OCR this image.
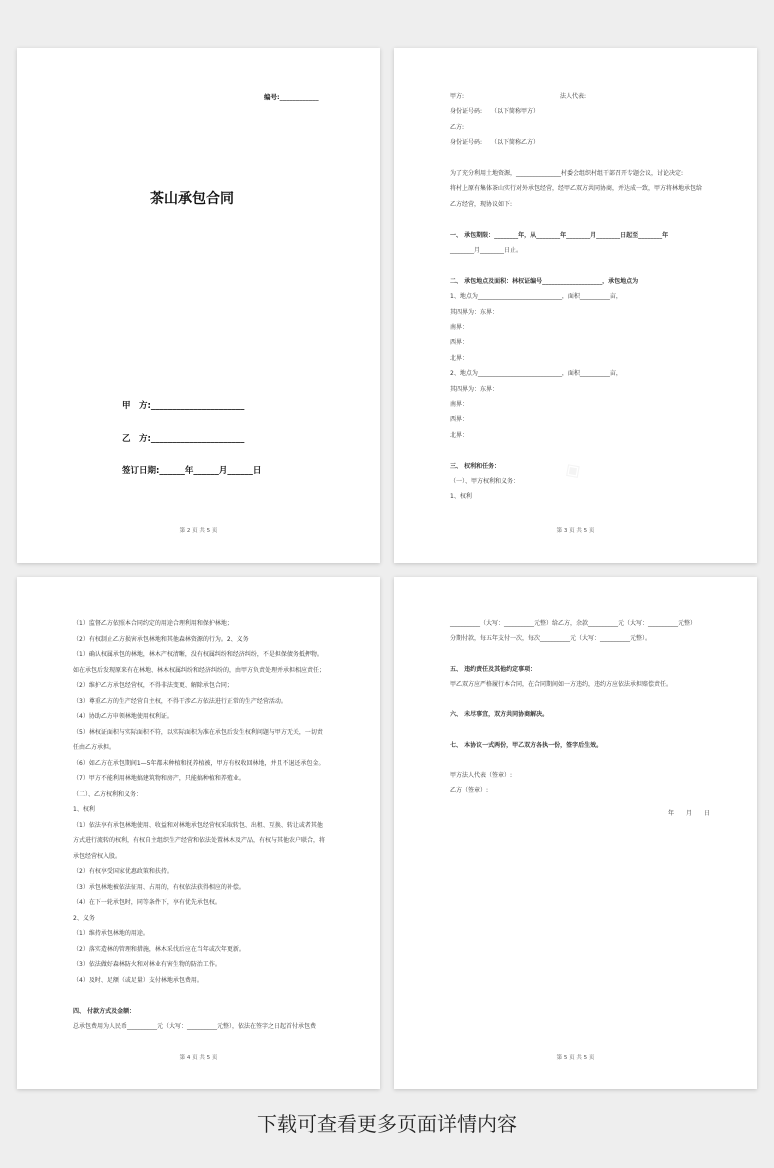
编号:____________
茶山承包合同
甲　方:______________________
乙　方:______________________
签订日期:______年______月______日
第 2 页 共 5 页
甲方:　　　　　　　　　　　　　　　　法人代表:
身份证号码:　　（以下简称甲方）
乙方:
身份证号码:　　（以下简称乙方）
为了充分利用土地资源，_______________村委会组织村组干部召开专题会议，讨论决定:
将村上原有集体茶山实行对外承包经营，经甲乙双方共同协商，并达成一致，甲方将林地承包给
乙方经营，现协议如下:
一、 承包期限：________年，从________年________月________日起至________年
________月________日止。
二、 承包地点及面积：林权证编号____________________，承包地点为
1、地点为____________________________，面积__________亩，
其四界为：东界：
南界：
西界：
北界：
2、地点为____________________________，面积__________亩，
其四界为：东界：
南界：
西界：
北界：
三、 权利和任务：
（一）、甲方权利和义务：
1、权利
第 3 页 共 5 页
（1）监督乙方依照本合同约定的用途合理利用和保护林地；
（2）有权制止乙方损害承包林地和其他森林资源的行为。2、义务
（1）确认权属承包的林地，林木产权清晰，没有权属纠纷和经济纠纷，不是担保债务抵押物。
如在承包后发现原来有在林地、林木权属纠纷和经济纠纷的，由甲方负责处理并承担相应责任；
（2）维护乙方承包经营权，不得非法变更、解除承包合同；
（3）尊重乙方的生产经营自主权，不得干涉乙方依法进行正常的生产经营活动。
（4）协助乙方申领林地使用权利证。
（5）林权证面积与实际面积不符，以实际面积为准在承包后发生权利问题与甲方无关，一切责
任由乙方承担。
（6）如乙方在承包期间1—5年都未种植和抚养植被，甲方有权收回林地，并且不退还承包金。
（7）甲方不能利用林地搞建筑物和房产，只能搞种植和养殖业。
（二）、乙方权利和义务：
1、权利
（1）依法享有承包林地使用、收益和对林地承包经营权采取转包、出租、互换、转让或者其他
方式进行流转的权利，有权自主组织生产经营和依法处置林木及产品，有权与其他农户联合，将
承包经营权入股。
（2）有权享受国家优惠政策和扶持。
（3）承包林地被依法征用、占用的，有权依法获得相应的补偿。
（4）在下一轮承包时，同等条件下，享有优先承包权。
2、义务
（1）维持承包林地的用途。
（2）落实造林的管理和措施，林木采伐后应在当年或次年更新。
（3）依法做好森林防火和对林业有害生物的防治工作。
（4）及时、足额（或足量）支付林地承包费用。
四、 付款方式及金额：
总承包费用为人民币__________元（大写：__________元整），依法在签字之日起首付承包费
第 4 页 共 5 页
__________（大写：__________元整）给乙方，余款__________元（大写：__________元整）
分期付款，每五年支付一次，每次__________元（大写：__________元整）。
五、 违约责任及其他约定事项：
甲乙双方应严格履行本合同，在合同期间如一方违约，违约方应依法承担赔偿责任。
六、 未尽事宜，双方共同协商解决。
七、 本协议一式两份，甲乙双方各执一份，签字后生效。
甲方法人代表（签章）:
乙方（签章）:
年　　月　　日
第 5 页 共 5 页
下载可查看更多页面详情内容
